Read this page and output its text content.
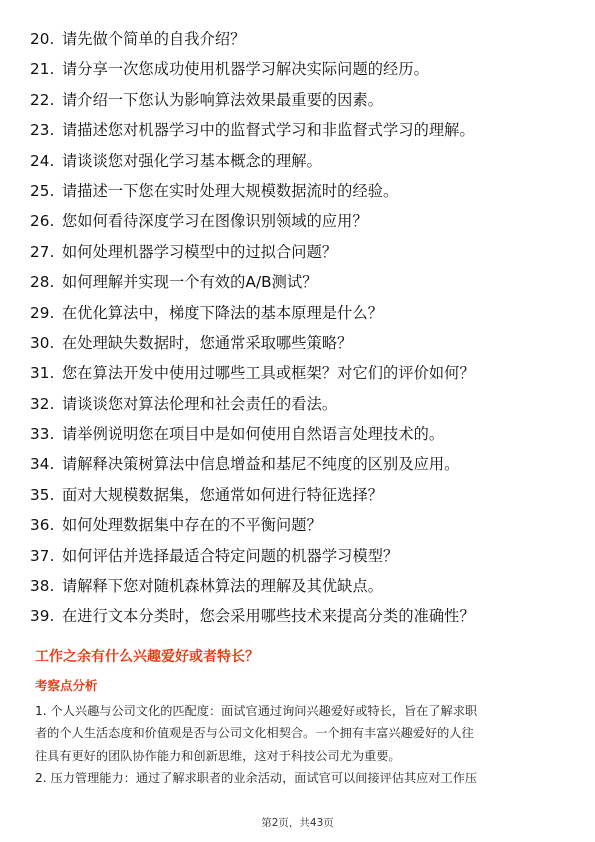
20. 请先做个简单的自我介绍？
21. 请分享一次您成功使用机器学习解决实际问题的经历。
22. 请介绍一下您认为影响算法效果最重要的因素。
23. 请描述您对机器学习中的监督式学习和非监督式学习的理解。
24. 请谈谈您对强化学习基本概念的理解。
25. 请描述一下您在实时处理大规模数据流时的经验。
26. 您如何看待深度学习在图像识别领域的应用？
27. 如何处理机器学习模型中的过拟合问题？
28. 如何理解并实现一个有效的A/B测试？
29. 在优化算法中，梯度下降法的基本原理是什么？
30. 在处理缺失数据时，您通常采取哪些策略？
31. 您在算法开发中使用过哪些工具或框架？对它们的评价如何？
32. 请谈谈您对算法伦理和社会责任的看法。
33. 请举例说明您在项目中是如何使用自然语言处理技术的。
34. 请解释决策树算法中信息增益和基尼不纯度的区别及应用。
35. 面对大规模数据集，您通常如何进行特征选择？
36. 如何处理数据集中存在的不平衡问题？
37. 如何评估并选择最适合特定问题的机器学习模型？
38. 请解释下您对随机森林算法的理解及其优缺点。
39. 在进行文本分类时，您会采用哪些技术来提高分类的准确性？
工作之余有什么兴趣爱好或者特长？
考察点分析
1. 个人兴趣与公司文化的匹配度：面试官通过询问兴趣爱好或特长，旨在了解求职
者的个人生活态度和价值观是否与公司文化相契合。一个拥有丰富兴趣爱好的人往
往具有更好的团队协作能力和创新思维，这对于科技公司尤为重要。
2. 压力管理能力：通过了解求职者的业余活动，面试官可以间接评估其应对工作压
第2页，共43页
